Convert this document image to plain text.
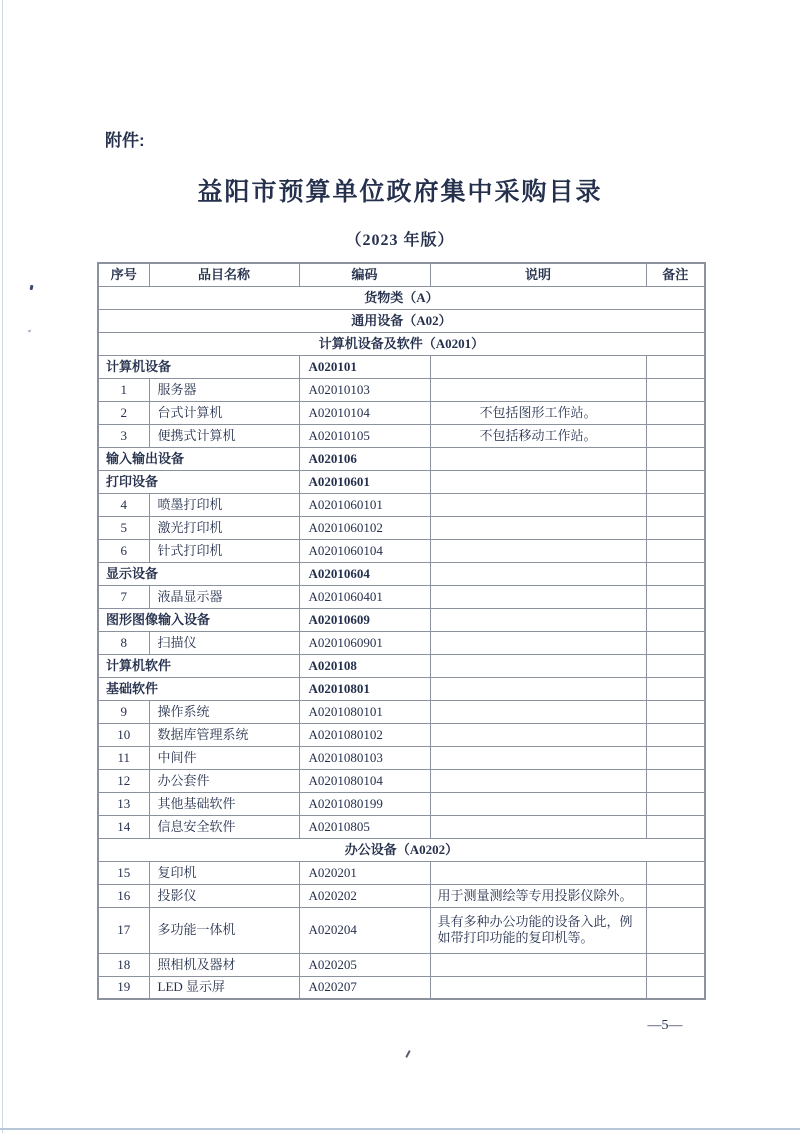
附件:
益阳市预算单位政府集中采购目录
（2023 年版）
序号	品目名称	编码	说明	备注
货物类（A）				
通用设备（A02）				
计算机设备及软件（A0201）				
计算机设备		A020101		
1	服务器	A02010103		
2	台式计算机	A02010104	不包括图形工作站。	
3	便携式计算机	A02010105	不包括移动工作站。	
输入输出设备		A020106		
打印设备		A02010601		
4	喷墨打印机	A0201060101		
5	激光打印机	A0201060102		
6	针式打印机	A0201060104		
显示设备		A02010604		
7	液晶显示器	A0201060401		
图形图像输入设备		A02010609		
8	扫描仪	A0201060901		
计算机软件		A020108		
基础软件		A02010801		
9	操作系统	A0201080101		
10	数据库管理系统	A0201080102		
11	中间件	A0201080103		
12	办公套件	A0201080104		
13	其他基础软件	A0201080199		
14	信息安全软件	A02010805		
办公设备（A0202）				
15	复印机	A020201		
16	投影仪	A020202	用于测量测绘等专用投影仪除外。	
17	多功能一体机	A020204	具有多种办公功能的设备入此，例如带打印功能的复印机等。	
18	照相机及器材	A020205		
19	LED 显示屏	A020207		
—5—
